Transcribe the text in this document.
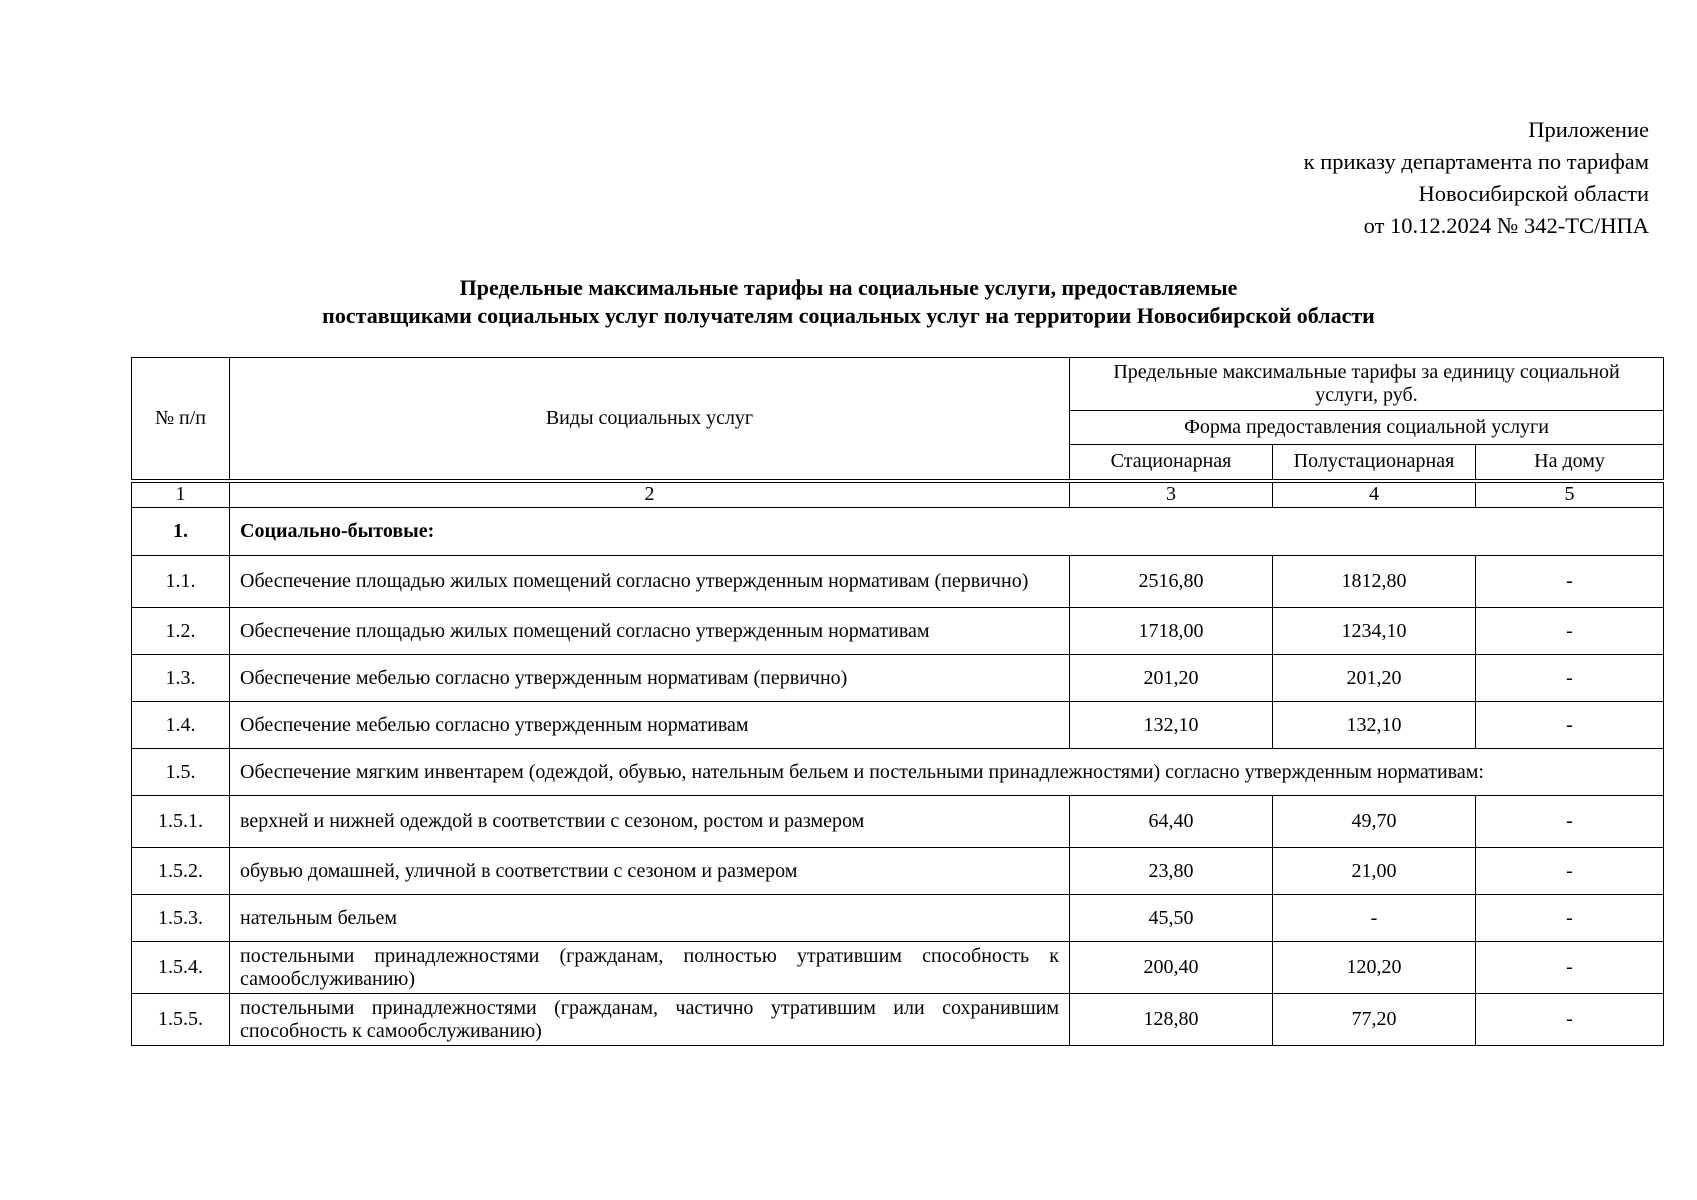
Приложение
к приказу департамента по тарифам
Новосибирской области
от 10.12.2024 № 342-ТС/НПА
Предельные максимальные тарифы на социальные услуги, предоставляемые
поставщиками социальных услуг получателям социальных услуг на территории Новосибирской области
№ п/п	Виды социальных услуг	Предельные максимальные тарифы за единицу социальной услуги, руб.		
		Форма предоставления социальной услуги		
		Стационарная	Полустационарная	На дому
1	2	3	4	5
1.	Социально-бытовые:			
1.1.	Обеспечение площадью жилых помещений согласно утвержденным нормативам (первично)	2516,80	1812,80	-
1.2.	Обеспечение площадью жилых помещений согласно утвержденным нормативам	1718,00	1234,10	-
1.3.	Обеспечение мебелью согласно утвержденным нормативам (первично)	201,20	201,20	-
1.4.	Обеспечение мебелью согласно утвержденным нормативам	132,10	132,10	-
1.5.	Обеспечение мягким инвентарем (одеждой, обувью, нательным бельем и постельными принадлежностями) согласно утвержденным нормативам:			
1.5.1.	верхней и нижней одеждой в соответствии с сезоном, ростом и размером	64,40	49,70	-
1.5.2.	обувью домашней, уличной в соответствии с сезоном и размером	23,80	21,00	-
1.5.3.	нательным бельем	45,50	-	-
1.5.4.	постельными принадлежностями (гражданам, полностью утратившим способность к самообслуживанию)	200,40	120,20	-
1.5.5.	постельными принадлежностями (гражданам, частично утратившим или сохранившим способность к самообслуживанию)	128,80	77,20	-
